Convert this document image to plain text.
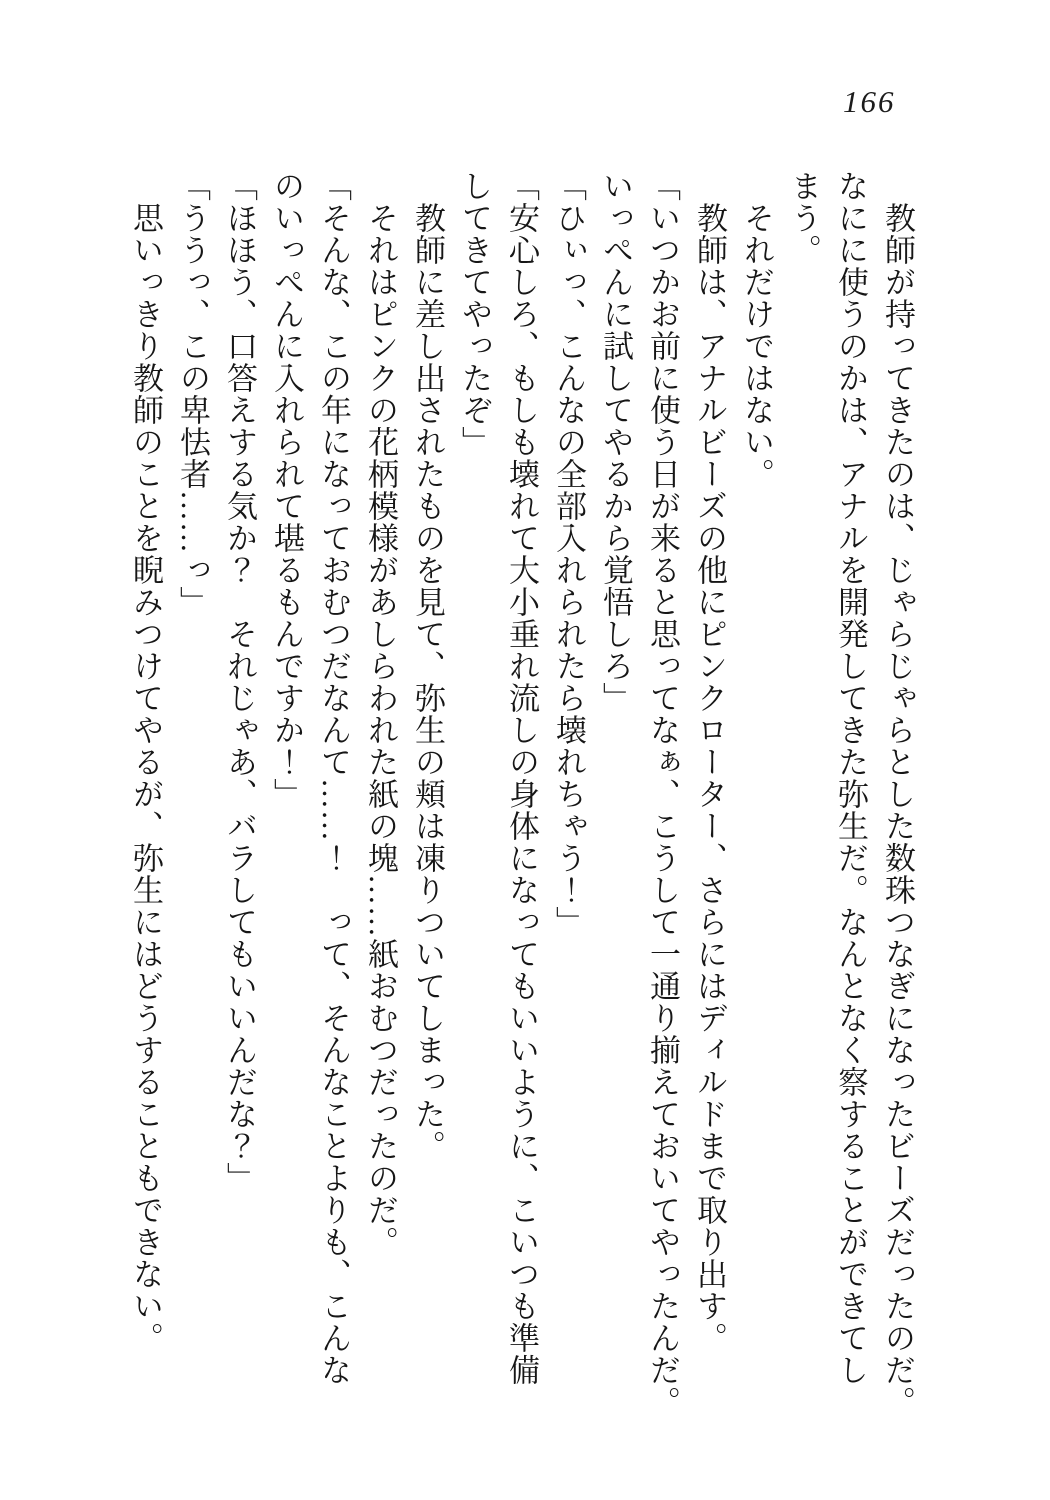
166
教師が持ってきたのは、じゃらじゃらとした数珠つなぎになったビーズだったのだ。
なにに使うのかは、アナルを開発してきた弥生だ。なんとなく察することができてし
まう。
それだけではない。
教師は、アナルビーズの他にピンクローター、さらにはディルドまで取り出す。
「いつかお前に使う日が来ると思ってなぁ、こうして一通り揃えておいてやったんだ。
いっぺんに試してやるから覚悟しろ」
「ひぃっ、こんなの全部入れられたら壊れちゃう！」
「安心しろ、もしも壊れて大小垂れ流しの身体になってもいいように、こいつも準備
してきてやったぞ」
教師に差し出されたものを見て、弥生の頬は凍りついてしまった。
それはピンクの花柄模様があしらわれた紙の塊……紙おむつだったのだ。
「そんな、この年になっておむつだなんて……！　って、そんなことよりも、こんな
のいっぺんに入れられて堪るもんですか！」
「ほほう、口答えする気か？　それじゃあ、バラしてもいいんだな？」
「ううっ、この卑怯者……っ」
思いっきり教師のことを睨みつけてやるが、弥生にはどうすることもできない。
